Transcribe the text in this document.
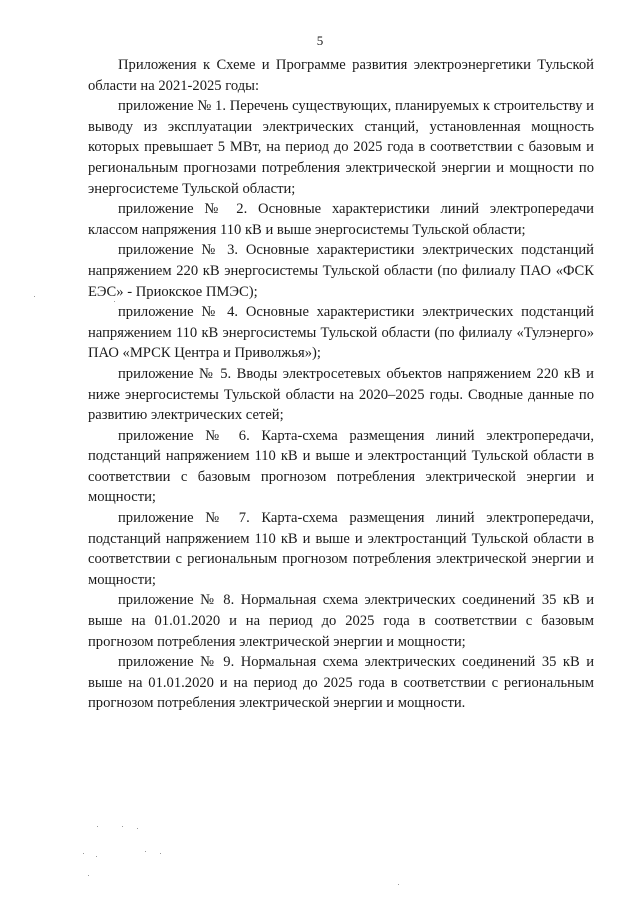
5

Приложения к Схеме и Программе развития электроэнергетики Тульской области на 2021-2025 годы:

приложение № 1. Перечень существующих, планируемых к строительству и выводу из эксплуатации электрических станций, установленная мощность которых превышает 5 МВт, на период до 2025 года в соответствии с базовым и региональным прогнозами потребления электрической энергии и мощности по энергосистеме Тульской области;

приложение № 2. Основные характеристики линий электропередачи классом напряжения 110 кВ и выше энергосистемы Тульской области;

приложение № 3. Основные характеристики электрических подстанций напряжением 220 кВ энергосистемы Тульской области (по филиалу ПАО «ФСК ЕЭС» - Приокское ПМЭС);

приложение № 4. Основные характеристики электрических подстанций напряжением 110 кВ энергосистемы Тульской области (по филиалу «Тулэнерго» ПАО «МРСК Центра и Приволжья»);

приложение № 5. Вводы электросетевых объектов напряжением 220 кВ и ниже энергосистемы Тульской области на 2020–2025 годы. Сводные данные по развитию электрических сетей;

приложение № 6. Карта-схема размещения линий электропередачи, подстанций напряжением 110 кВ и выше и электростанций Тульской области в соответствии с базовым прогнозом потребления электрической энергии и мощности;

приложение № 7. Карта-схема размещения линий электропередачи, подстанций напряжением 110 кВ и выше и электростанций Тульской области в соответствии с региональным прогнозом потребления электрической энергии и мощности;

приложение № 8. Нормальная схема электрических соединений 35 кВ и выше на 01.01.2020 и на период до 2025 года в соответствии с базовым прогнозом потребления электрической энергии и мощности;

приложение № 9. Нормальная схема электрических соединений 35 кВ и выше на 01.01.2020 и на период до 2025 года в соответствии с региональным прогнозом потребления электрической энергии и мощности.
